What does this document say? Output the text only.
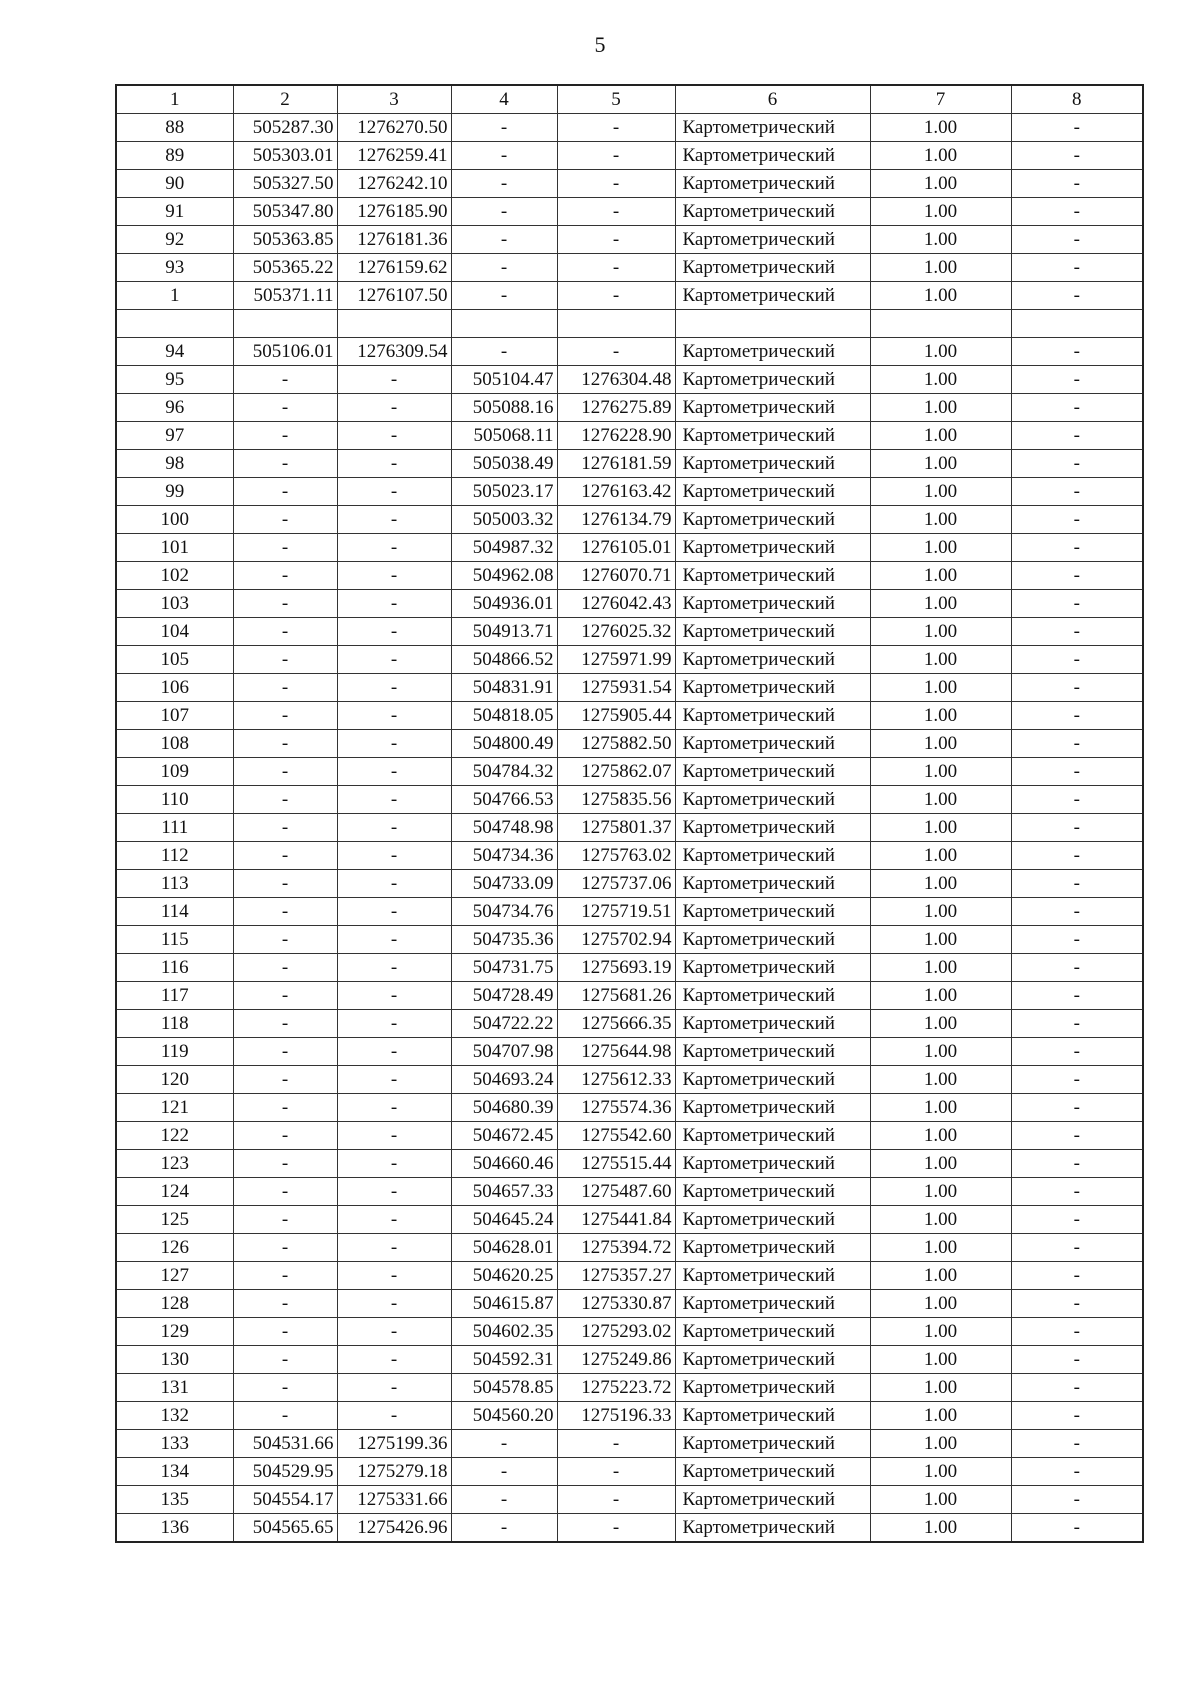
5
1	2	3	4	5	6	7	8
88	505287.30	1276270.50	-	-	Картометрический	1.00	-
89	505303.01	1276259.41	-	-	Картометрический	1.00	-
90	505327.50	1276242.10	-	-	Картометрический	1.00	-
91	505347.80	1276185.90	-	-	Картометрический	1.00	-
92	505363.85	1276181.36	-	-	Картометрический	1.00	-
93	505365.22	1276159.62	-	-	Картометрический	1.00	-
1	505371.11	1276107.50	-	-	Картометрический	1.00	-

94	505106.01	1276309.54	-	-	Картометрический	1.00	-
95	-	-	505104.47	1276304.48	Картометрический	1.00	-
96	-	-	505088.16	1276275.89	Картометрический	1.00	-
97	-	-	505068.11	1276228.90	Картометрический	1.00	-
98	-	-	505038.49	1276181.59	Картометрический	1.00	-
99	-	-	505023.17	1276163.42	Картометрический	1.00	-
100	-	-	505003.32	1276134.79	Картометрический	1.00	-
101	-	-	504987.32	1276105.01	Картометрический	1.00	-
102	-	-	504962.08	1276070.71	Картометрический	1.00	-
103	-	-	504936.01	1276042.43	Картометрический	1.00	-
104	-	-	504913.71	1276025.32	Картометрический	1.00	-
105	-	-	504866.52	1275971.99	Картометрический	1.00	-
106	-	-	504831.91	1275931.54	Картометрический	1.00	-
107	-	-	504818.05	1275905.44	Картометрический	1.00	-
108	-	-	504800.49	1275882.50	Картометрический	1.00	-
109	-	-	504784.32	1275862.07	Картометрический	1.00	-
110	-	-	504766.53	1275835.56	Картометрический	1.00	-
111	-	-	504748.98	1275801.37	Картометрический	1.00	-
112	-	-	504734.36	1275763.02	Картометрический	1.00	-
113	-	-	504733.09	1275737.06	Картометрический	1.00	-
114	-	-	504734.76	1275719.51	Картометрический	1.00	-
115	-	-	504735.36	1275702.94	Картометрический	1.00	-
116	-	-	504731.75	1275693.19	Картометрический	1.00	-
117	-	-	504728.49	1275681.26	Картометрический	1.00	-
118	-	-	504722.22	1275666.35	Картометрический	1.00	-
119	-	-	504707.98	1275644.98	Картометрический	1.00	-
120	-	-	504693.24	1275612.33	Картометрический	1.00	-
121	-	-	504680.39	1275574.36	Картометрический	1.00	-
122	-	-	504672.45	1275542.60	Картометрический	1.00	-
123	-	-	504660.46	1275515.44	Картометрический	1.00	-
124	-	-	504657.33	1275487.60	Картометрический	1.00	-
125	-	-	504645.24	1275441.84	Картометрический	1.00	-
126	-	-	504628.01	1275394.72	Картометрический	1.00	-
127	-	-	504620.25	1275357.27	Картометрический	1.00	-
128	-	-	504615.87	1275330.87	Картометрический	1.00	-
129	-	-	504602.35	1275293.02	Картометрический	1.00	-
130	-	-	504592.31	1275249.86	Картометрический	1.00	-
131	-	-	504578.85	1275223.72	Картометрический	1.00	-
132	-	-	504560.20	1275196.33	Картометрический	1.00	-
133	504531.66	1275199.36	-	-	Картометрический	1.00	-
134	504529.95	1275279.18	-	-	Картометрический	1.00	-
135	504554.17	1275331.66	-	-	Картометрический	1.00	-
136	504565.65	1275426.96	-	-	Картометрический	1.00	-
